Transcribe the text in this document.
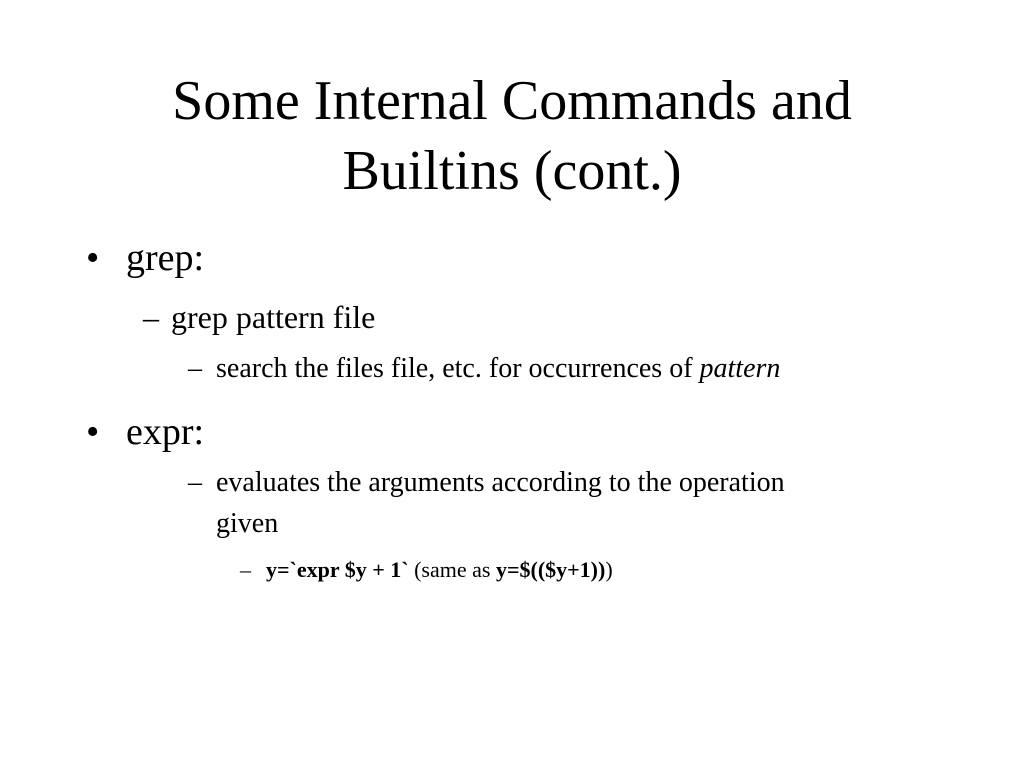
Some Internal Commands and
Builtins (cont.)
• grep:
– grep pattern file
– search the files file, etc. for occurrences of pattern
• expr:
– evaluates the arguments according to the operation
given
– y=`expr $y + 1` (same as y=$(($y+1)))
